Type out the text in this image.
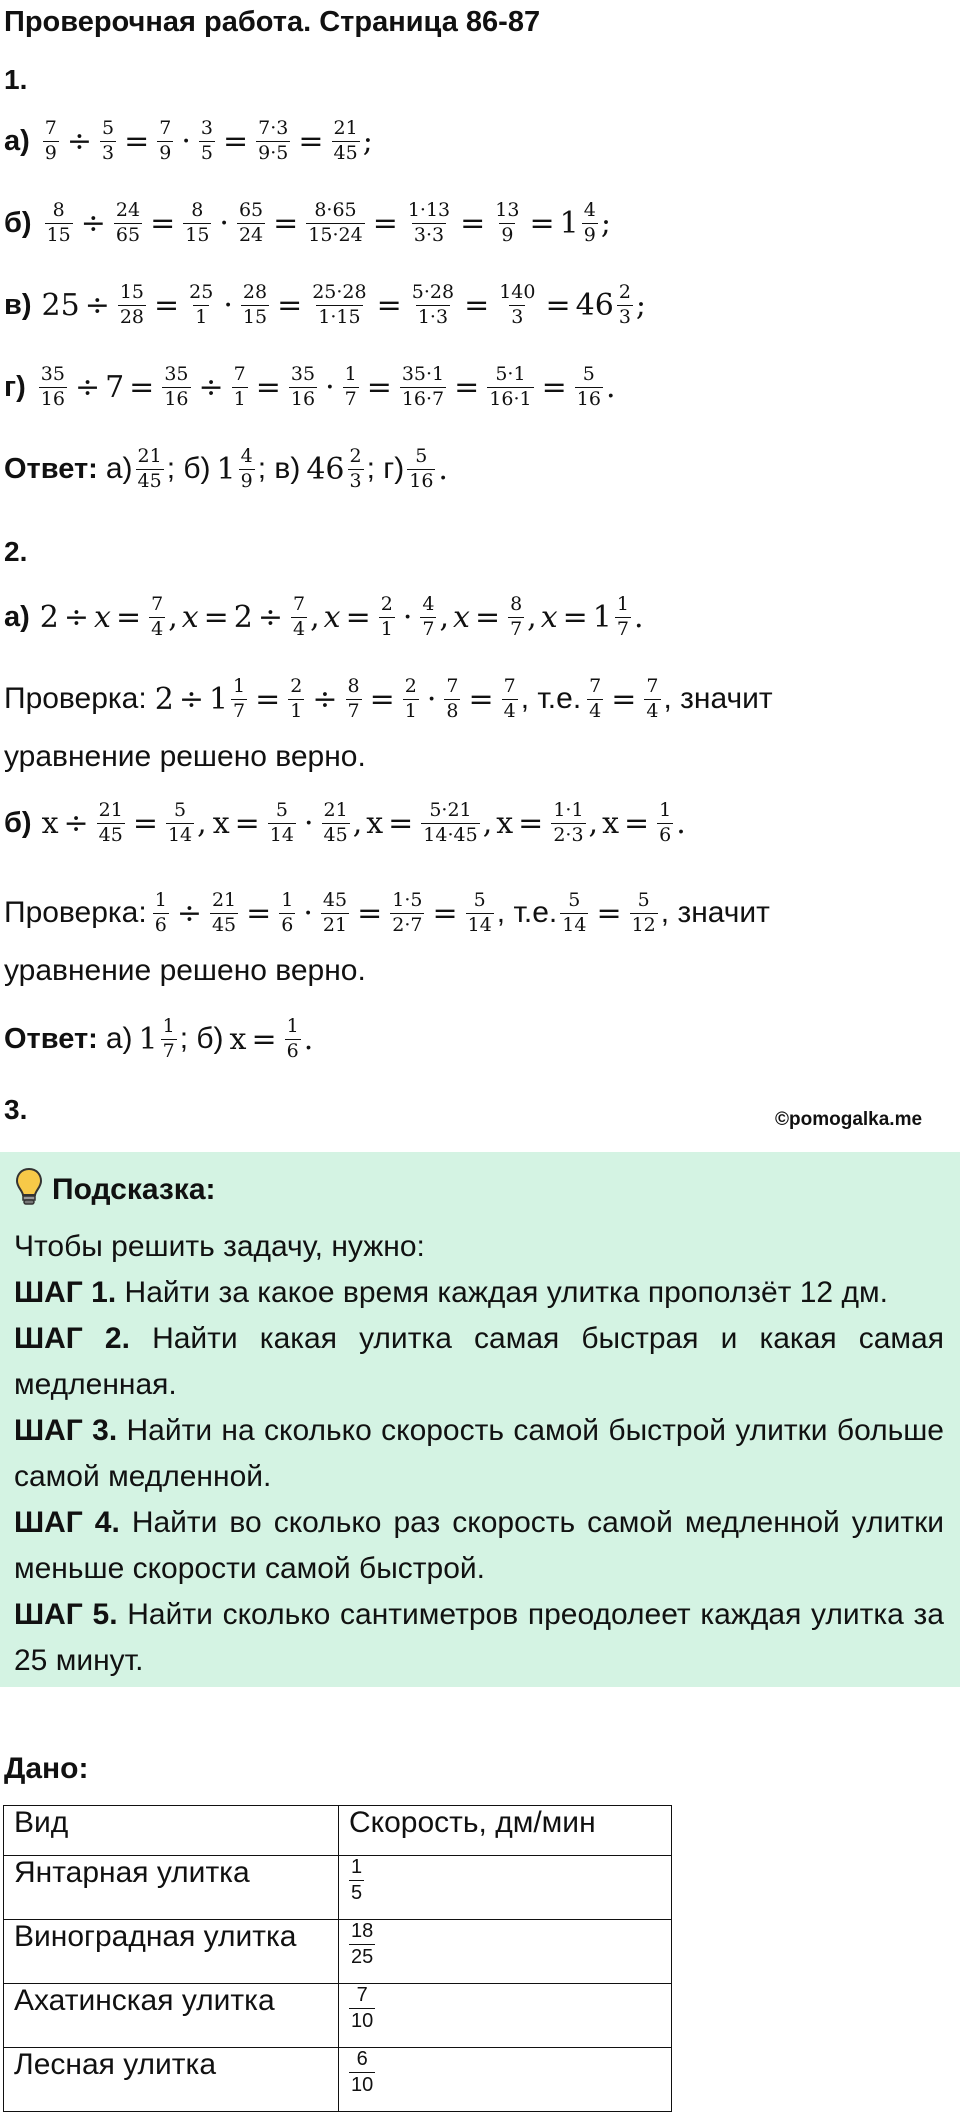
Проверочная работа. Страница 86-87
1.
$а) \frac{7}{9} \div \frac{5}{3} = \frac{7}{9} \cdot \frac{3}{5} = \frac{7\cdot 3}{9\cdot 5} = \frac{21}{45}$ ;
$б) \frac{8}{15} \div \frac{24}{65} = \frac{8}{15} \cdot \frac{65}{24} = \frac{8\cdot 65}{15\cdot 24} = \frac{1\cdot 13}{3\cdot 3} = \frac{13}{9} = 1 \frac{4}{9}$ ;
в) $25 \div \frac{15}{28} = \frac{25}{1} \cdot \frac{28}{15} = \frac{25\cdot 28}{1\cdot 15} = \frac{5\cdot 28}{1\cdot 3} = \frac{140}{3} = 46 \frac{2}{3}$ ;
$г) \frac{35}{16} \div 7 = \frac{35}{16} \div \frac{7}{1} = \frac{35}{16} \cdot \frac{1}{7} = \frac{35\cdot 1}{16\cdot 7} = \frac{5\cdot 1}{16\cdot 1} = \frac{5}{16}$ .
Ответ: $а) \frac{21}{45}$ ; б) $1 \frac{4}{9}$ ; в) $46 \frac{2}{3}$ ; $г) \frac{5}{16}$ .
2.
а) $2 \div x = \frac{7}{4}$ , $x = 2 \div \frac{7}{4}$ , $x = \frac{2}{1} \cdot \frac{4}{7}$ , $x = \frac{8}{7}$ , $x = 1 \frac{1}{7}$ .
Проверка: $2 \div 1 \frac{1}{7} = \frac{2}{1} \div \frac{8}{7} = \frac{2}{1} \cdot \frac{7}{8} = \frac{7}{4}$ , т.е. $\frac{7}{4} = \frac{7}{4}$ , значит
уравнение решено верно.
б) $x \div \frac{21}{45} = \frac{5}{14}$ , $x = \frac{5}{14} \cdot \frac{21}{45}$ , $x = \frac{5\cdot 21}{14\cdot 45}$ , $x = \frac{1\cdot 1}{2\cdot 3}$ , $x = \frac{1}{6}$ .
Проверка: $\frac{1}{6} \div \frac{21}{45} = \frac{1}{6} \cdot \frac{45}{21} = \frac{1\cdot 5}{2\cdot 7} = \frac{5}{14}$ , т.е. $\frac{5}{14} = \frac{5}{12}$ , значит
уравнение решено верно.
Ответ: а) $1 \frac{1}{7}$ ; б) $x = \frac{1}{6}$ .
3.	©pomogalka.me
Подсказка:
Чтобы решить задачу, нужно:
ШАГ 1. Найти за какое время каждая улитка проползёт 12 дм.
ШАГ 2. Найти какая улитка самая быстрая и какая самая медленная.
ШАГ 3. Найти на сколько скорость самой быстрой улитки больше самой медленной.
ШАГ 4. Найти во сколько раз скорость самой медленной улитки меньше скорости самой быстрой.
ШАГ 5. Найти сколько сантиметров преодолеет каждая улитка за 25 минут.
Дано:
Вид	Скорость, дм/мин
Янтарная улитка	$\frac{1}{5}$

Виноградная улитка	$\frac{18}{25}$

Ахатинская улитка	$\frac{7}{10}$

Лесная улитка	$\frac{6}{10}$
